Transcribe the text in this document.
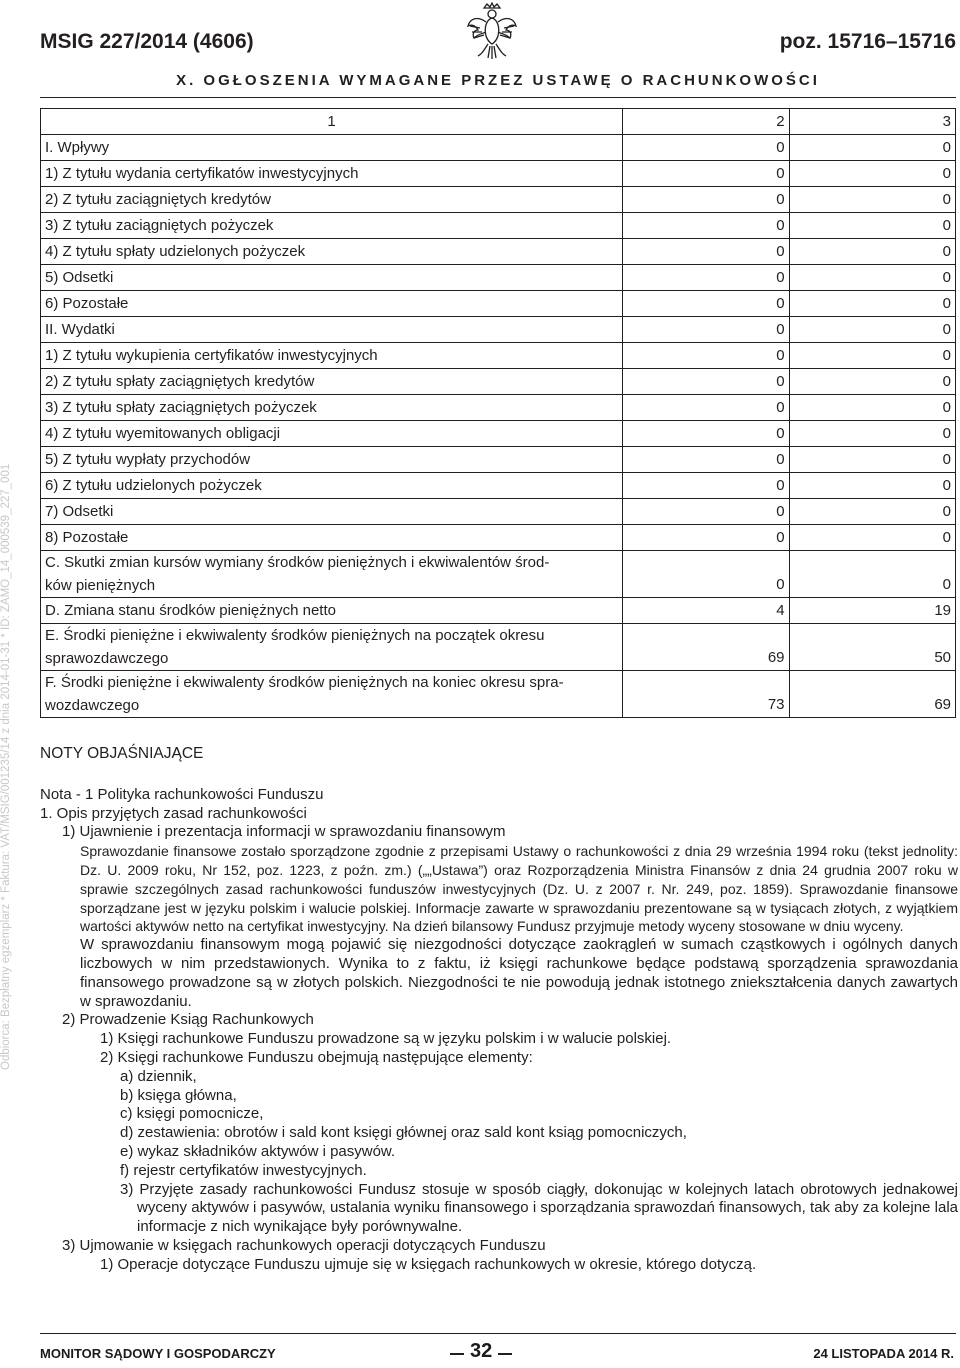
MSIG 227/2014 (4606)	poz. 15716–15716
X. OGŁOSZENIA WYMAGANE PRZEZ USTAWĘ O RACHUNKOWOŚCI
Odbiorca: Bezpłatny egzemplarz * Faktura: VAT/MSIG/001235/14 z dnia 2014-01-31 * ID: ZAMO_14_000539_227_001
1	2	3
I. Wpływy	0	0
1) Z tytułu wydania certyfikatów inwestycyjnych	0	0
2) Z tytułu zaciągniętych kredytów	0	0
3) Z tytułu zaciągniętych pożyczek	0	0
4) Z tytułu spłaty udzielonych pożyczek	0	0
5) Odsetki	0	0
6) Pozostałe	0	0
II. Wydatki	0	0
1) Z tytułu wykupienia certyfikatów inwestycyjnych	0	0
2) Z tytułu spłaty zaciągniętych kredytów	0	0
3) Z tytułu spłaty zaciągniętych pożyczek	0	0
4) Z tytułu wyemitowanych obligacji	0	0
5) Z tytułu wypłaty przychodów	0	0
6) Z tytułu udzielonych pożyczek	0	0
7) Odsetki	0	0
8) Pozostałe	0	0
C. Skutki zmian kursów wymiany środków pieniężnych i ekwiwalentów środ-
ków pieniężnych	0	0
D. Zmiana stanu środków pieniężnych netto	4	19
E. Środki pieniężne i ekwiwalenty środków pieniężnych na początek okresu
sprawozdawczego	69	50
F. Środki pieniężne i ekwiwalenty środków pieniężnych na koniec okresu spra-
wozdawczego	73	69
NOTY OBJAŚNIAJĄCE
Nota - 1 Polityka rachunkowości Funduszu
1. Opis przyjętych zasad rachunkowości
1) Ujawnienie i prezentacja informacji w sprawozdaniu finansowym
Sprawozdanie finansowe zostało sporządzone zgodnie z przepisami Ustawy o rachunkowości z dnia 29 września 1994 roku (tekst jednolity: Dz. U. 2009 roku, Nr 152, poz. 1223, z poźn. zm.) („„Ustawa”) oraz Rozporządzenia Ministra Finansów z dnia 24 grudnia 2007 roku w sprawie szczególnych zasad rachunkowości funduszów inwestycyjnych (Dz. U. z 2007 r. Nr. 249, poz. 1859). Sprawozdanie finansowe sporządzane jest w języku polskim i walucie polskiej. Informacje zawarte w sprawozdaniu prezentowane są w tysiącach złotych, z wyjątkiem wartości aktywów netto na certyfikat inwestycyjny. Na dzień bilansowy Fundusz przyjmuje metody wyceny stosowane w dniu wyceny.
W sprawozdaniu finansowym mogą pojawić się niezgodności dotyczące zaokrągleń w sumach cząstkowych i ogólnych danych liczbowych w nim przedstawionych. Wynika to z faktu, iż księgi rachunkowe będące podstawą sporządzenia sprawozdania finansowego prowadzone są w złotych polskich. Niezgodności te nie powodują jednak istotnego zniekształcenia danych zawartych w sprawozdaniu.
2) Prowadzenie Ksiąg Rachunkowych
1) Księgi rachunkowe Funduszu prowadzone są w języku polskim i w walucie polskiej.
2) Księgi rachunkowe Funduszu obejmują następujące elementy:
a) dziennik,
b) księga główna,
c) księgi pomocnicze,
d) zestawienia: obrotów i sald kont księgi głównej oraz sald kont ksiąg pomocniczych,
e) wykaz składników aktywów i pasywów.
f) rejestr certyfikatów inwestycyjnych.
3) Przyjęte zasady rachunkowości Fundusz stosuje w sposób ciągły, dokonując w kolejnych latach obrotowych jednakowej wyceny aktywów i pasywów, ustalania wyniku finansowego i sporządzania sprawozdań finansowych, tak aby za kolejne lala informacje z nich wynikające były porównywalne.
3) Ujmowanie w księgach rachunkowych operacji dotyczących Funduszu
1) Operacje dotyczące Funduszu ujmuje się w księgach rachunkowych w okresie, którego dotyczą.
MONITOR SĄDOWY I GOSPODARCZY	32	24 LISTOPADA 2014 R.
